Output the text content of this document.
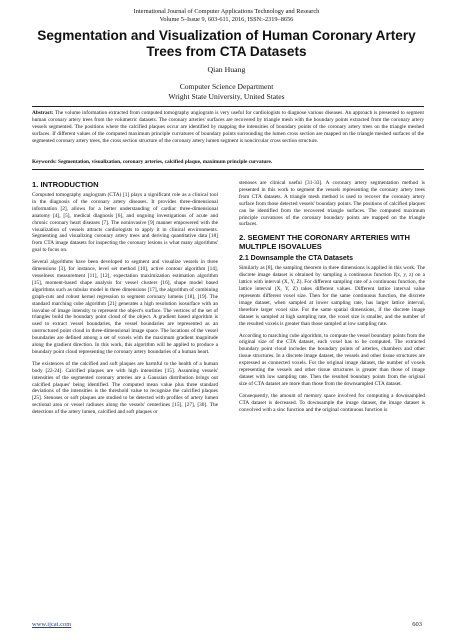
International Journal of Computer Applications Technology and Research
Volume 5–Issue 9, 603-611, 2016, ISSN:-2319–8656
Segmentation and Visualization of Human Coronary Artery Trees from CTA Datasets
Qian Huang
Computer Science Department
Wright State University, United States
Abstract: The volume information extracted from computed tomography angiogram is very useful for cardiologists to diagnose various diseases. An approach is presented to segment human coronary artery trees from the volumetric datasets. The coronary arteries' surfaces are recovered by triangle mesh with the boundary points extracted from the coronary artery vessels segmented. The positions where the calcified plaques occur are identified by mapping the intensities of boundary points of the coronary artery trees on the triangle meshed surfaces. If different values of the computed maximum principle curvatures of boundary points surrounding the lumen cross section are mapped on the triangle meshed surfaces of the segmented coronary artery trees, the cross section structure of the coronary artery lumen segment is noncircular cross section structure.
Keywords: Segmentation, visualization, coronary arteries, calcified plaque, maximum principle curvature.
1. INTRODUCTION

Computed tomography angiogram (CTA) [1] plays a significant role as a clinical tool in the diagnosis of the coronary artery diseases. It provides three-dimensional information [2], allows for a better understanding of cardiac three-dimensional anatomy [4], [5], medical diagnosis [6], and ongoing investigations of acute and chronic coronary heart diseases [7]. The noninvasive [9] manner empowered with the visualization of vessels attracts cardiologists to apply it in clinical environments. Segmenting and visualizing coronary artery trees and deriving quantitative data [18] from CTA image datasets for inspecting the coronary lesions is what many algorithms' goal to focus on.

Several algorithms have been developed to segment and visualize vessels in three dimensions [3], for instance, level set method [10], active contour algorithm [14], vesselness measurement [11], [12], expectation maximization estimation algorithm [15], moment-based shape analysis for vessel clusters [16], shape model based algorithms such as tubular model in three dimensions [17], the algorithm of combining graph-cuts and robust kernel regression to segment coronary lumens [18], [19]. The standard marching cube algorithm [21] generates a high resolution isosurface with an isovalue of image intensity to represent the object's surface. The vertices of the set of triangles build the boundary point cloud of the object. A gradient based algorithm is used to extract vessel boundaries, the vessel boundaries are represented as an unstructured point cloud in three-dimensional image space. The locations of the vessel boundaries are defined among a set of voxels with the maximum gradient magnitude along the gradient direction. In this work, this algorithm will be applied to produce a boundary point cloud representing the coronary artery boundaries of a human heart.

The existences of the calcified and soft plaques are harmful to the health of a human body [22-24]. Calcified plaques are with high intensities [15]. Assuming vessels' intensities of the segmented coronary arteries are a Gaussian distribution brings out calcified plaques' being identified. The computed mean value plus three standard deviations of the intensities is the threshold value to recognize the calcified plaques [25]. Stenoses or soft plaques are studied to be detected with profiles of artery lumen sectional area or vessel radiuses along the vessels' centerlines [15], [27], [30]. The detections of the artery lumen, calcified and soft plaques or

stenoses are clinical useful [31-33]. A coronary artery segmentation method is presented in this work to segment the vessels representing the coronary artery trees from CTA datasets. A triangle mesh method is used to recover the coronary artery surface from those detected vessels' boundary points. The positions of calcified plaques can be identified from the recovered triangle surfaces. The computed maximum principle curvatures of the coronary boundary points are mapped on the triangle surfaces.

2. SEGMENT THE CORONARY ARTERIES WITH MULTIPLE ISOVALUES
2.1 Downsample the CTA Datasets

Similarly as [8], the sampling theorem in three dimensions is applied in this work. The discrete image dataset is obtained by sampling a continuous function f(x, y, z) on a lattice with interval (X, Y, Z). For different sampling rate of a continuous function, the lattice interval (X, Y, Z) takes different values. Different lattice interval value represents different voxel size. Then for the same continuous function, the discrete image dataset, when sampled at lower sampling rate, has larger lattice interval, therefore larger voxel size. For the same spatial dimensions, if the discrete image dataset is sampled at high sampling rate, the voxel size is smaller, and the number of the resulted voxels is greater than those sampled at low sampling rate.

According to marching cube algorithm, to compute the vessel boundary points from the original size of the CTA dataset, each voxel has to be computed. The extracted boundary point cloud includes the boundary points of arteries, chambers and other tissue structures. In a discrete image dataset, the vessels and other tissue structures are expressed as connected voxels. For the original image dataset, the number of voxels representing the vessels and other tissue structures is greater than those of image dataset with low sampling rate. Then the resulted boundary points from the original size of CTA dataset are more than those from the downsampled CTA dataset.

Consequently, the amount of memory space involved for computing a downsampled CTA dataset is decreased. To downsample the image dataset, the image dataset is convolved with a sinc function and the original continuous function is

www.ijcat.com	603
